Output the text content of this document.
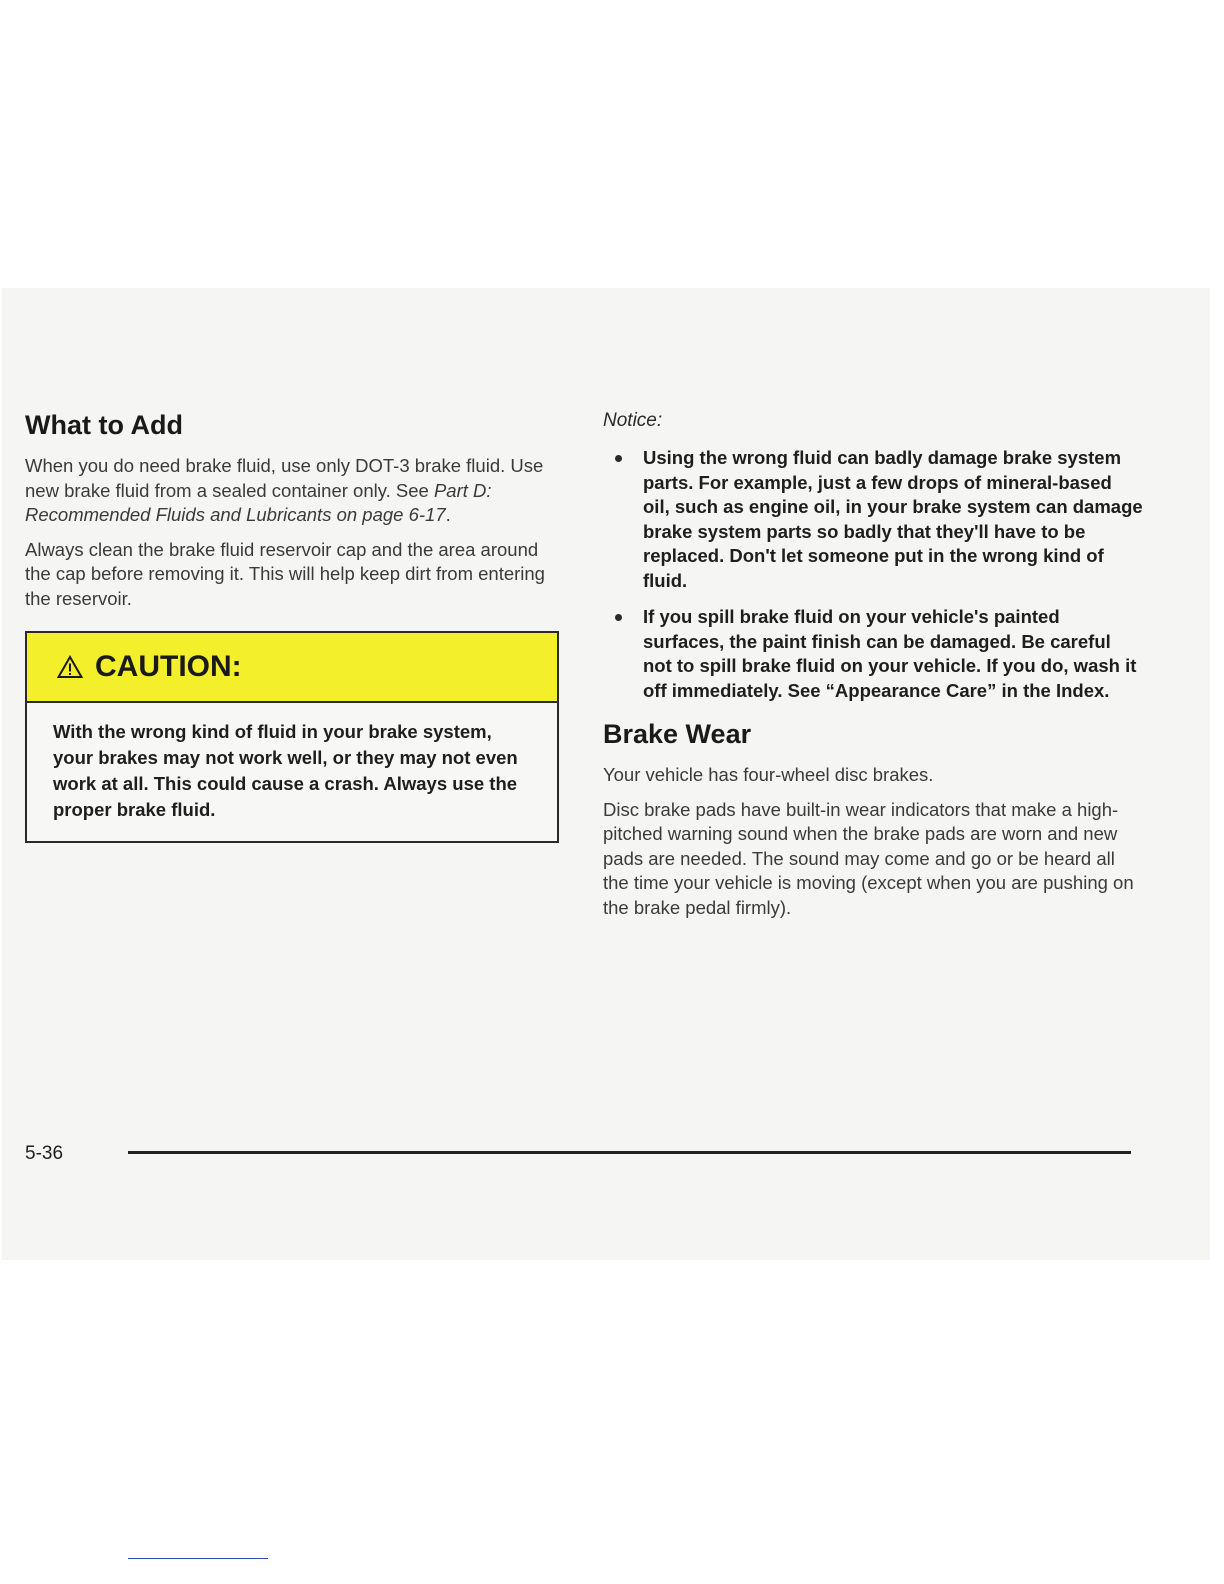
What to Add

When you do need brake fluid, use only DOT-3 brake fluid. Use new brake fluid from a sealed container only. See Part D: Recommended Fluids and Lubricants on page 6-17.

Always clean the brake fluid reservoir cap and the area around the cap before removing it. This will help keep dirt from entering the reservoir.

CAUTION:
With the wrong kind of fluid in your brake system, your brakes may not work well, or they may not even work at all. This could cause a crash. Always use the proper brake fluid.
Notice:
Using the wrong fluid can badly damage brake system parts. For example, just a few drops of mineral-based oil, such as engine oil, in your brake system can damage brake system parts so badly that they'll have to be replaced. Don't let someone put in the wrong kind of fluid.
If you spill brake fluid on your vehicle's painted surfaces, the paint finish can be damaged. Be careful not to spill brake fluid on your vehicle. If you do, wash it off immediately. See “Appearance Care” in the Index.
Brake Wear

Your vehicle has four-wheel disc brakes.

Disc brake pads have built-in wear indicators that make a high-pitched warning sound when the brake pads are worn and new pads are needed. The sound may come and go or be heard all the time your vehicle is moving (except when you are pushing on the brake pedal firmly).

5-36
